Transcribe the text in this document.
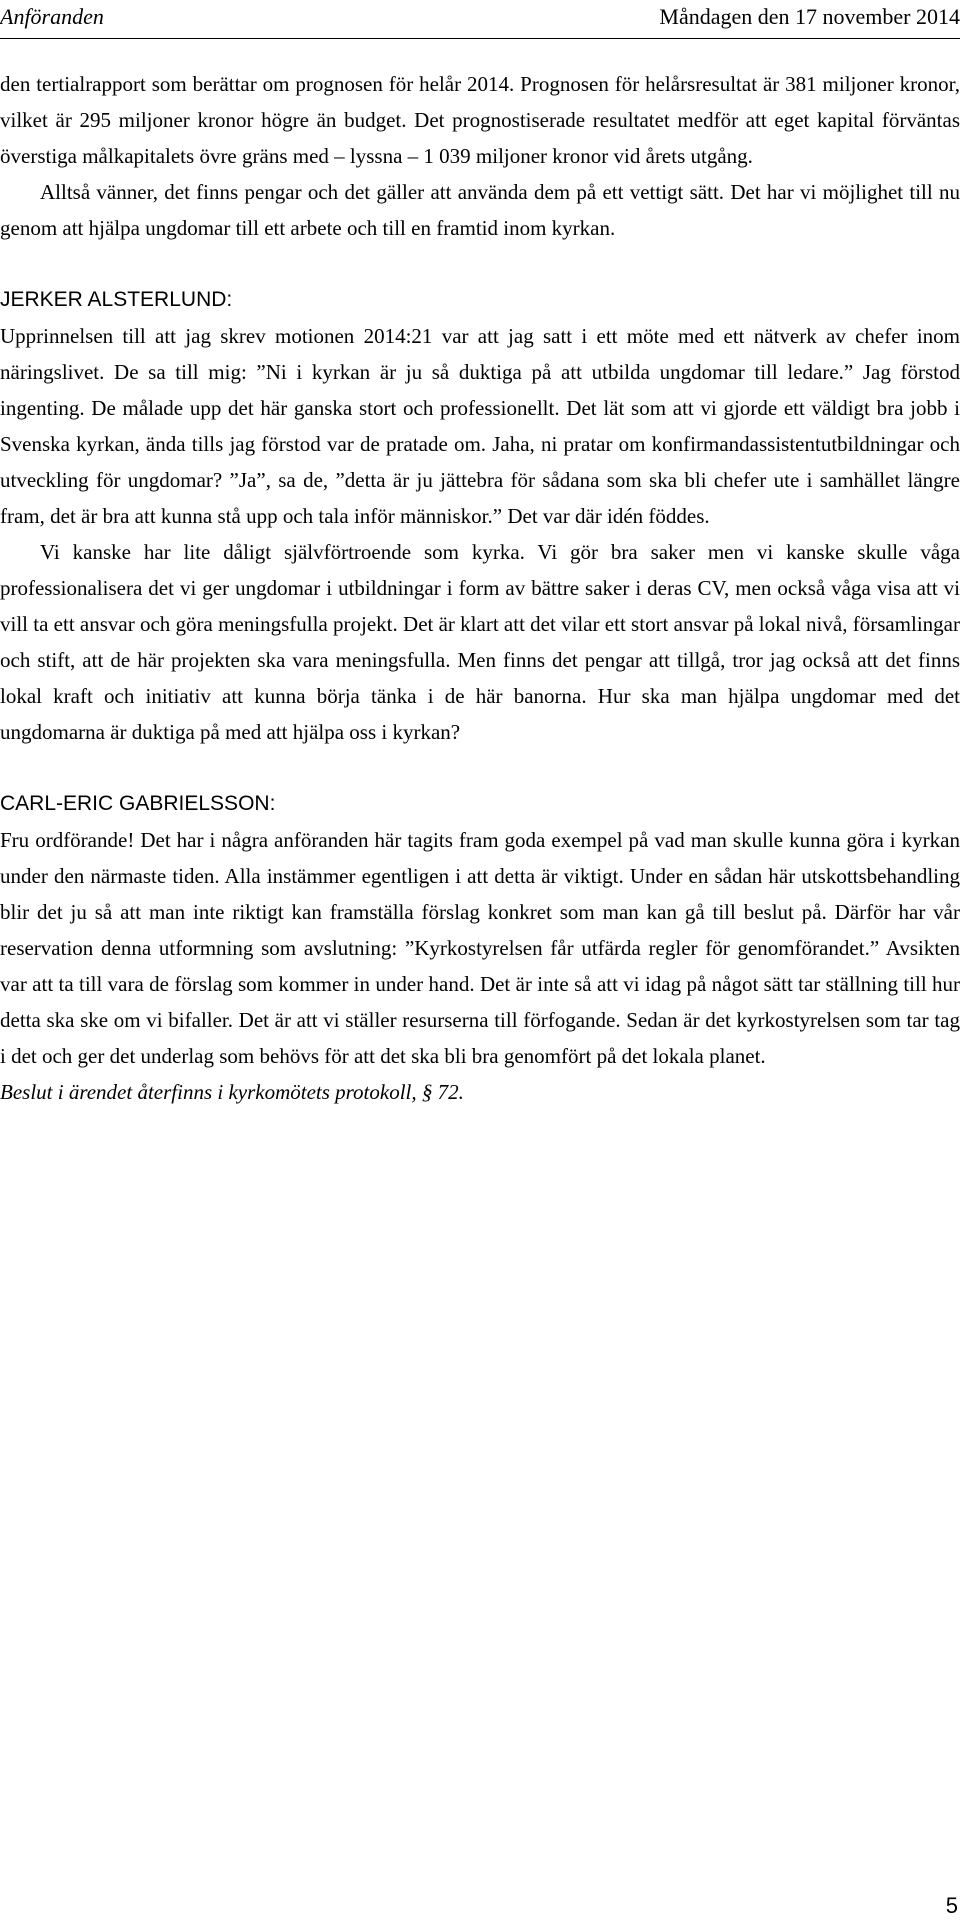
Anföranden	Måndagen den 17 november 2014

den tertialrapport som berättar om prognosen för helår 2014. Prognosen för helårsresultat är 381 miljoner kronor, vilket är 295 miljoner kronor högre än budget. Det prognostiserade resultatet medför att eget kapital förväntas överstiga målkapitalets övre gräns med – lyssna – 1 039 miljoner kronor vid årets utgång.

Alltså vänner, det finns pengar och det gäller att använda dem på ett vettigt sätt. Det har vi möjlighet till nu genom att hjälpa ungdomar till ett arbete och till en framtid inom kyrkan.

JERKER ALSTERLUND:

Upprinnelsen till att jag skrev motionen 2014:21 var att jag satt i ett möte med ett nätverk av chefer inom näringslivet. De sa till mig: ”Ni i kyrkan är ju så duktiga på att utbilda ungdomar till ledare.” Jag förstod ingenting. De målade upp det här ganska stort och professionellt. Det lät som att vi gjorde ett väldigt bra jobb i Svenska kyrkan, ända tills jag förstod var de pratade om. Jaha, ni pratar om konfirmandassistentutbildningar och utveckling för ungdomar? ”Ja”, sa de, ”detta är ju jättebra för sådana som ska bli chefer ute i samhället längre fram, det är bra att kunna stå upp och tala inför människor.” Det var där idén föddes.

Vi kanske har lite dåligt självförtroende som kyrka. Vi gör bra saker men vi kanske skulle våga professionalisera det vi ger ungdomar i utbildningar i form av bättre saker i deras CV, men också våga visa att vi vill ta ett ansvar och göra meningsfulla projekt. Det är klart att det vilar ett stort ansvar på lokal nivå, församlingar och stift, att de här projekten ska vara meningsfulla. Men finns det pengar att tillgå, tror jag också att det finns lokal kraft och initiativ att kunna börja tänka i de här banorna. Hur ska man hjälpa ungdomar med det ungdomarna är duktiga på med att hjälpa oss i kyrkan?

CARL-ERIC GABRIELSSON:

Fru ordförande! Det har i några anföranden här tagits fram goda exempel på vad man skulle kunna göra i kyrkan under den närmaste tiden. Alla instämmer egentligen i att detta är viktigt. Under en sådan här utskottsbehandling blir det ju så att man inte riktigt kan framställa förslag konkret som man kan gå till beslut på. Därför har vår reservation denna utformning som avslutning: ”Kyrkostyrelsen får utfärda regler för genomförandet.” Avsikten var att ta till vara de förslag som kommer in under hand. Det är inte så att vi idag på något sätt tar ställning till hur detta ska ske om vi bifaller. Det är att vi ställer resurserna till förfogande. Sedan är det kyrkostyrelsen som tar tag i det och ger det underlag som behövs för att det ska bli bra genomfört på det lokala planet.

Beslut i ärendet återfinns i kyrkomötets protokoll, § 72.

5
